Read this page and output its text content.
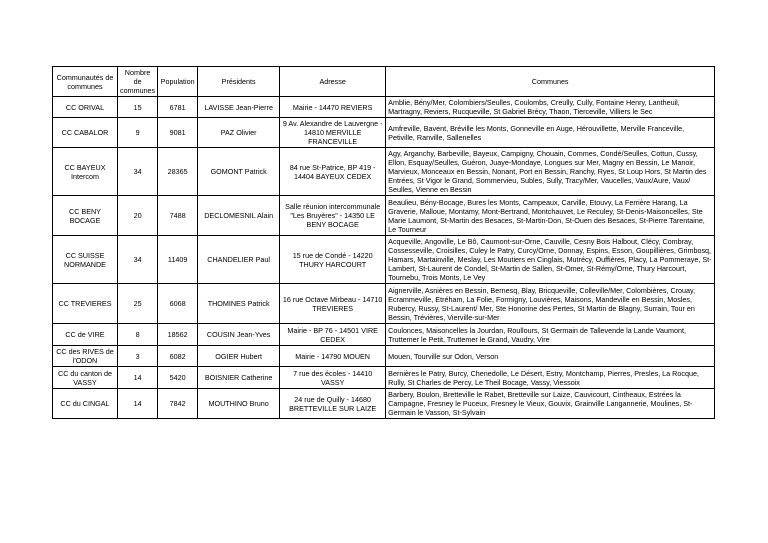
Communautés de communes	Nombre de communes	Population	Présidents	Adresse	Communes
CC ORIVAL	15	6781	LAVISSE Jean-Pierre	Mairie - 14470 REVIERS	Amblie, Bény/Mer, Colombiers/Seulles, Coulombs, Creully, Cully, Fontaine Henry, Lantheuil, Martragny, Reviers, Rucqueville, St Gabriel Brécy, Thaon, Tierceville, Villiers le Sec
CC CABALOR	9	9081	PAZ Olivier	9 Av. Alexandre de Lauvergne - 14810 MERVILLE FRANCEVILLE	Amfreville, Bavent, Bréville les Monts, Gonneville en Auge, Hérouvillette, Merville Franceville, Petiville, Ranville, Sallenelles
CC BAYEUX Intercom	34	28365	GOMONT Patrick	84 rue St-Patrice, BP 419 - 14404 BAYEUX CEDEX	Agy, Arganchy, Barbeville, Bayeux, Campigny, Chouain, Commes, Condé/Seulles, Cottun, Cussy, Ellon, Esquay/Seulles, Guéron, Juaye-Mondaye, Longues sur Mer, Magny en Bessin, Le Manoir, Marvieux, Monceaux en Bessin, Nonant, Port en Bessin, Ranchy, Ryes, St Loup Hors, St Martin des Entrées, St Vigor le Grand, Sommervieu, Subles, Sully, Tracy/Mer, Vaucelles, Vaux/Aure, Vaux/ Seulles, Vienne en Bessin
CC BENY BOCAGE	20	7488	DECLOMESNIL Alain	Salle réunion intercommunale "Les Bruyères" - 14350 LE BENY BOCAGE	Beaulieu, Bény-Bocage, Bures les Monts, Campeaux, Carville, Etouvy, La Ferrière Harang, La Graverie, Malloue, Montamy, Mont-Bertrand, Montchauvet, Le Reculey, St-Denis-Maisoncelles, Ste Marie Laumont, St-Martin des Besaces, St-Martin-Don, St-Ouen des Besaces, St-Pierre Tarentaine, Le Tourneur
CC SUISSE NORMANDE	34	11409	CHANDELIER Paul	15 rue de Condé - 14220 THURY HARCOURT	Acqueville, Angoville, Le Bô, Caumont-sur-Orne, Cauville, Cesny Bois Halbout, Clécy, Combray, Cossesseville, Croisilles, Culey le Patry, Curcy/Orne, Donnay, Espins, Esson, Goupillières, Grimbosq, Hamars, Martainville, Meslay, Les Moutiers en Cinglais, Mutrécy, Ouffières, Placy, La Pommeraye, St-Lambert, St-Laurent de Condel, St-Martin de Sallen, St-Omer, St-Rémy/Orne, Thury Harcourt, Tournebu, Trois Monts, Le Vey
CC TREVIERES	25	6068	THOMINES Patrick	16 rue Octave Mirbeau - 14710 TREVIERES	Aignerville, Asnières en Bessin, Bernesq, Blay, Bricqueville, Colleville/Mer, Colombières, Crouay, Ecrammeville, Etréham, La Folie, Formigny, Louvières, Maisons, Mandeville en Bessin, Mosles, Rubercy, Russy, St-Laurent/ Mer, Ste Honorine des Pertes, St Martin de Blagny, Surrain, Tour en Bessin, Trévières, Vierville-sur-Mer
CC de VIRE	8	18562	COUSIN Jean-Yves	Mairie - BP 76 - 14501 VIRE CEDEX	Coulonces, Maisoncelles la Jourdan, Roullours, St Germain de Tallevende la Lande Vaumont, Truttemer le Petit, Truttemer le Grand, Vaudry, Vire
CC des RIVES de l'ODON	3	6082	OGIER Hubert	Mairie - 14790 MOUEN	Mouen, Tourville sur Odon, Verson
CC du canton de VASSY	14	5420	BOISNIER Catherine	7 rue des écoles - 14410 VASSY	Bernières le Patry, Burcy, Chenedolle, Le Désert, Estry, Montchamp, Pierres, Presles, La Rocque, Rully, St Charles de Percy, Le Theil Bocage, Vassy, Viessoix
CC du CINGAL	14	7842	MOUTHINO Bruno	24 rue de Quilly - 14680 BRETTEVILLE SUR LAIZE	Barbery, Boulon, Bretteville le Rabet, Bretteville sur Laize, Cauvicourt, Cintheaux, Estrées la Campagne, Fresney le Puceux, Fresney le Vieux, Gouvix, Grainville Langannerie, Moulines, St-Germain le Vasson, St-Sylvain
